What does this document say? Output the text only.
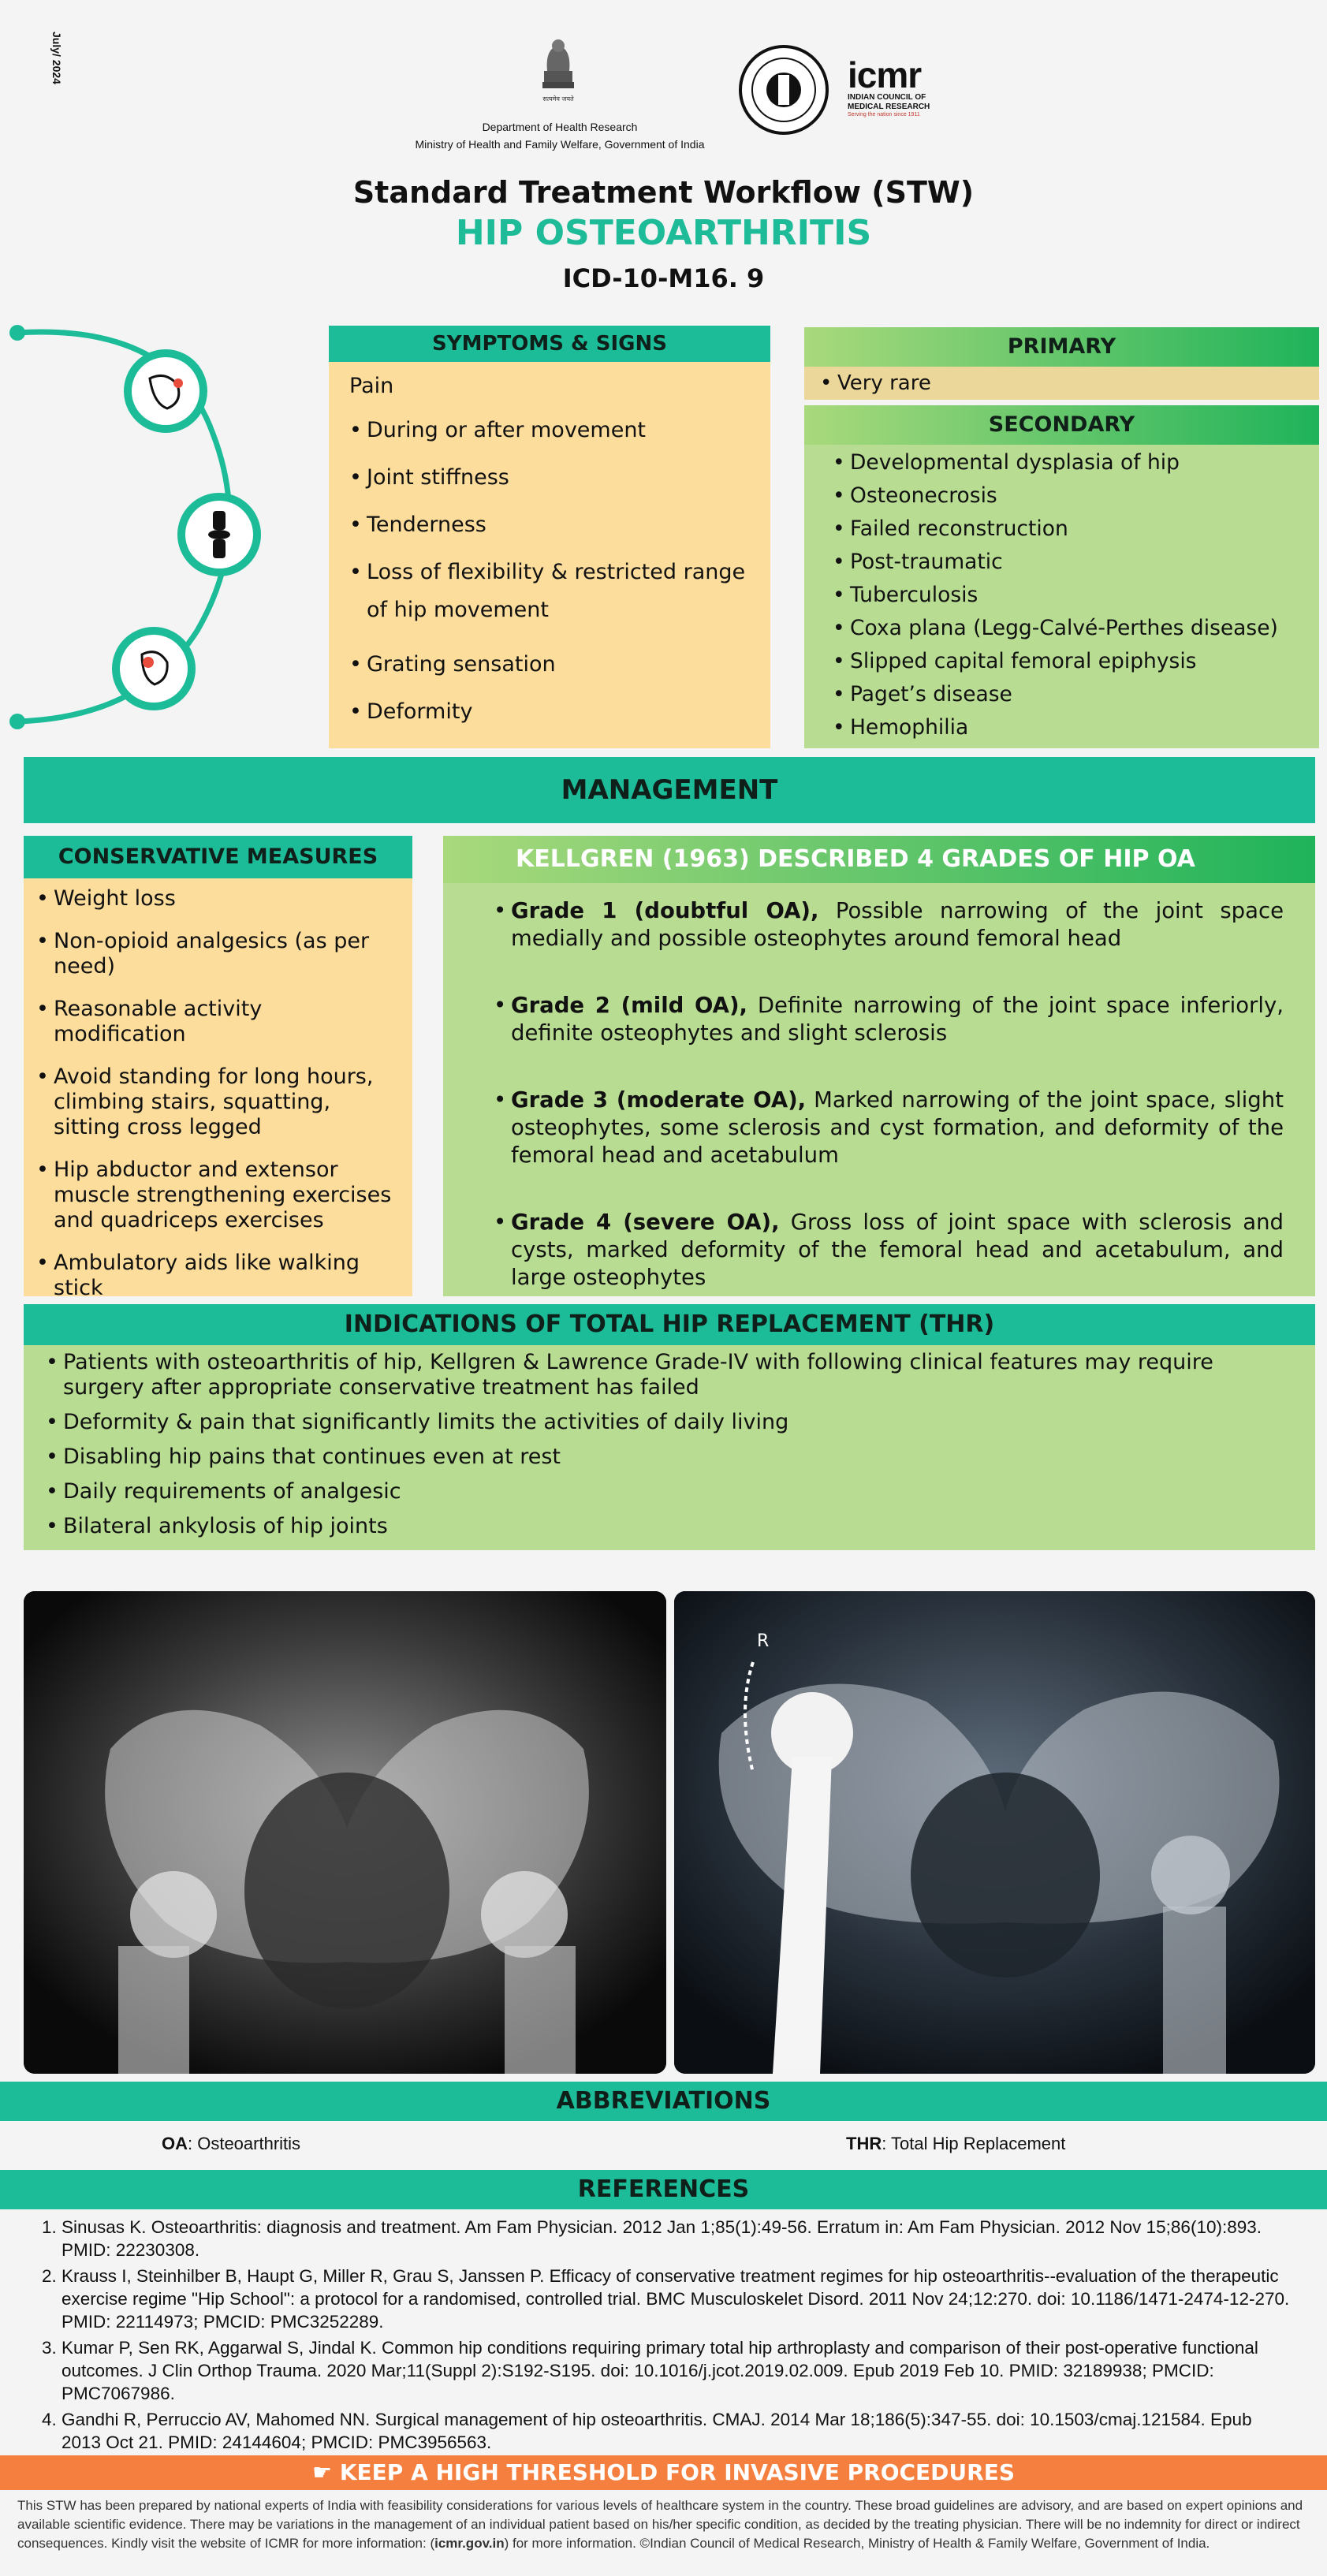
July/ 2024
सत्यमेव जयते
Department of Health Research
Ministry of Health and Family Welfare, Government of India
icmr
INDIAN COUNCIL OF
MEDICAL RESEARCH
Serving the nation since 1911
Standard Treatment Workflow (STW)
HIP OSTEOARTHRITIS
ICD-10-M16. 9
SYMPTOMS & SIGNS
Pain
• During or after movement
• Joint stiffness
• Tenderness
• Loss of flexibility & restricted range of hip movement
• Grating sensation
• Deformity
PRIMARY
• Very rare
SECONDARY
• Developmental dysplasia of hip
• Osteonecrosis
• Failed reconstruction
• Post-traumatic
• Tuberculosis
• Coxa plana (Legg-Calvé-Perthes disease)
• Slipped capital femoral epiphysis
• Paget’s disease
• Hemophilia
MANAGEMENT
CONSERVATIVE MEASURES
• Weight loss
• Non-opioid analgesics (as per need)
• Reasonable activity modification
• Avoid standing for long hours, climbing stairs, squatting, sitting cross legged
• Hip abductor and extensor muscle strengthening exercises and quadriceps exercises
• Ambulatory aids like walking stick
KELLGREN (1963) DESCRIBED 4 GRADES OF HIP OA
• Grade 1 (doubtful OA), Possible narrowing of the joint space medially and possible osteophytes around femoral head
• Grade 2 (mild OA), Definite narrowing of the joint space inferiorly, definite osteophytes and slight sclerosis
• Grade 3 (moderate OA), Marked narrowing of the joint space, slight osteophytes, some sclerosis and cyst formation, and deformity of the femoral head and acetabulum
• Grade 4 (severe OA), Gross loss of joint space with sclerosis and cysts, marked deformity of the femoral head and acetabulum, and large osteophytes
INDICATIONS OF TOTAL HIP REPLACEMENT (THR)
• Patients with osteoarthritis of hip, Kellgren & Lawrence Grade-IV with following clinical features may require surgery after appropriate conservative treatment has failed
• Deformity & pain that significantly limits the activities of daily living
• Disabling hip pains that continues even at rest
• Daily requirements of analgesic
• Bilateral ankylosis of hip joints
R
ABBREVIATIONS
OA: Osteoarthritis	THR: Total Hip Replacement
REFERENCES
1. Sinusas K. Osteoarthritis: diagnosis and treatment. Am Fam Physician. 2012 Jan 1;85(1):49-56. Erratum in: Am Fam Physician. 2012 Nov 15;86(10):893. PMID: 22230308.
2. Krauss I, Steinhilber B, Haupt G, Miller R, Grau S, Janssen P. Efficacy of conservative treatment regimes for hip osteoarthritis--evaluation of the therapeutic exercise regime "Hip School": a protocol for a randomised, controlled trial. BMC Musculoskelet Disord. 2011 Nov 24;12:270. doi: 10.1186/1471-2474-12-270. PMID: 22114973; PMCID: PMC3252289.
3. Kumar P, Sen RK, Aggarwal S, Jindal K. Common hip conditions requiring primary total hip arthroplasty and comparison of their post-operative functional outcomes. J Clin Orthop Trauma. 2020 Mar;11(Suppl 2):S192-S195. doi: 10.1016/j.jcot.2019.02.009. Epub 2019 Feb 10. PMID: 32189938; PMCID: PMC7067986.
4. Gandhi R, Perruccio AV, Mahomed NN. Surgical management of hip osteoarthritis. CMAJ. 2014 Mar 18;186(5):347-55. doi: 10.1503/cmaj.121584. Epub 2013 Oct 21. PMID: 24144604; PMCID: PMC3956563.
☛ KEEP A HIGH THRESHOLD FOR INVASIVE PROCEDURES
This STW has been prepared by national experts of India with feasibility considerations for various levels of healthcare system in the country. These broad guidelines are advisory, and are based on expert opinions and available scientific evidence. There may be variations in the management of an individual patient based on his/her specific condition, as decided by the treating physician. There will be no indemnity for direct or indirect consequences. Kindly visit the website of ICMR for more information: (icmr.gov.in) for more information. ©Indian Council of Medical Research, Ministry of Health & Family Welfare, Government of India.
